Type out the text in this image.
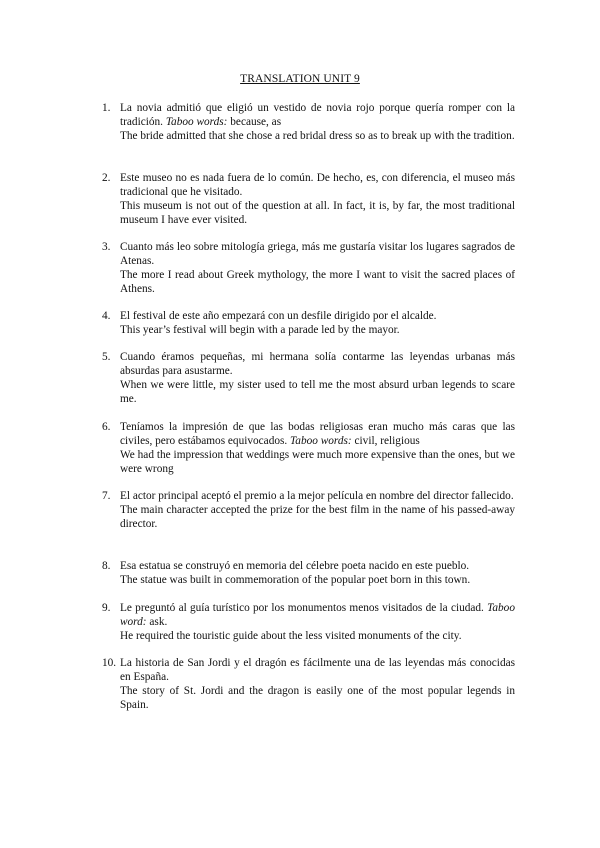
TRANSLATION UNIT 9
1. La novia admitió que eligió un vestido de novia rojo porque quería romper con la tradición. Taboo words: because, as
The bride admitted that she chose a red bridal dress so as to break up with the tradition.
2. Este museo no es nada fuera de lo común. De hecho, es, con diferencia, el museo más tradicional que he visitado.
This museum is not out of the question at all. In fact, it is, by far, the most traditional museum I have ever visited.
3. Cuanto más leo sobre mitología griega, más me gustaría visitar los lugares sagrados de Atenas.
The more I read about Greek mythology, the more I want to visit the sacred places of Athens.
4. El festival de este año empezará con un desfile dirigido por el alcalde.
This year’s festival will begin with a parade led by the mayor.
5. Cuando éramos pequeñas, mi hermana solía contarme las leyendas urbanas más absurdas para asustarme.
When we were little, my sister used to tell me the most absurd urban legends to scare me.
6. Teníamos la impresión de que las bodas religiosas eran mucho más caras que las civiles, pero estábamos equivocados. Taboo words: civil, religious
We had the impression that weddings were much more expensive than the ones, but we were wrong
7. El actor principal aceptó el premio a la mejor película en nombre del director fallecido.
The main character accepted the prize for the best film in the name of his passed-away director.
8. Esa estatua se construyó en memoria del célebre poeta nacido en este pueblo.
The statue was built in commemoration of the popular poet born in this town.
9. Le preguntó al guía turístico por los monumentos menos visitados de la ciudad. Taboo word: ask.
He required the touristic guide about the less visited monuments of the city.
10. La historia de San Jordi y el dragón es fácilmente una de las leyendas más conocidas en España.
The story of St. Jordi and the dragon is easily one of the most popular legends in Spain.
